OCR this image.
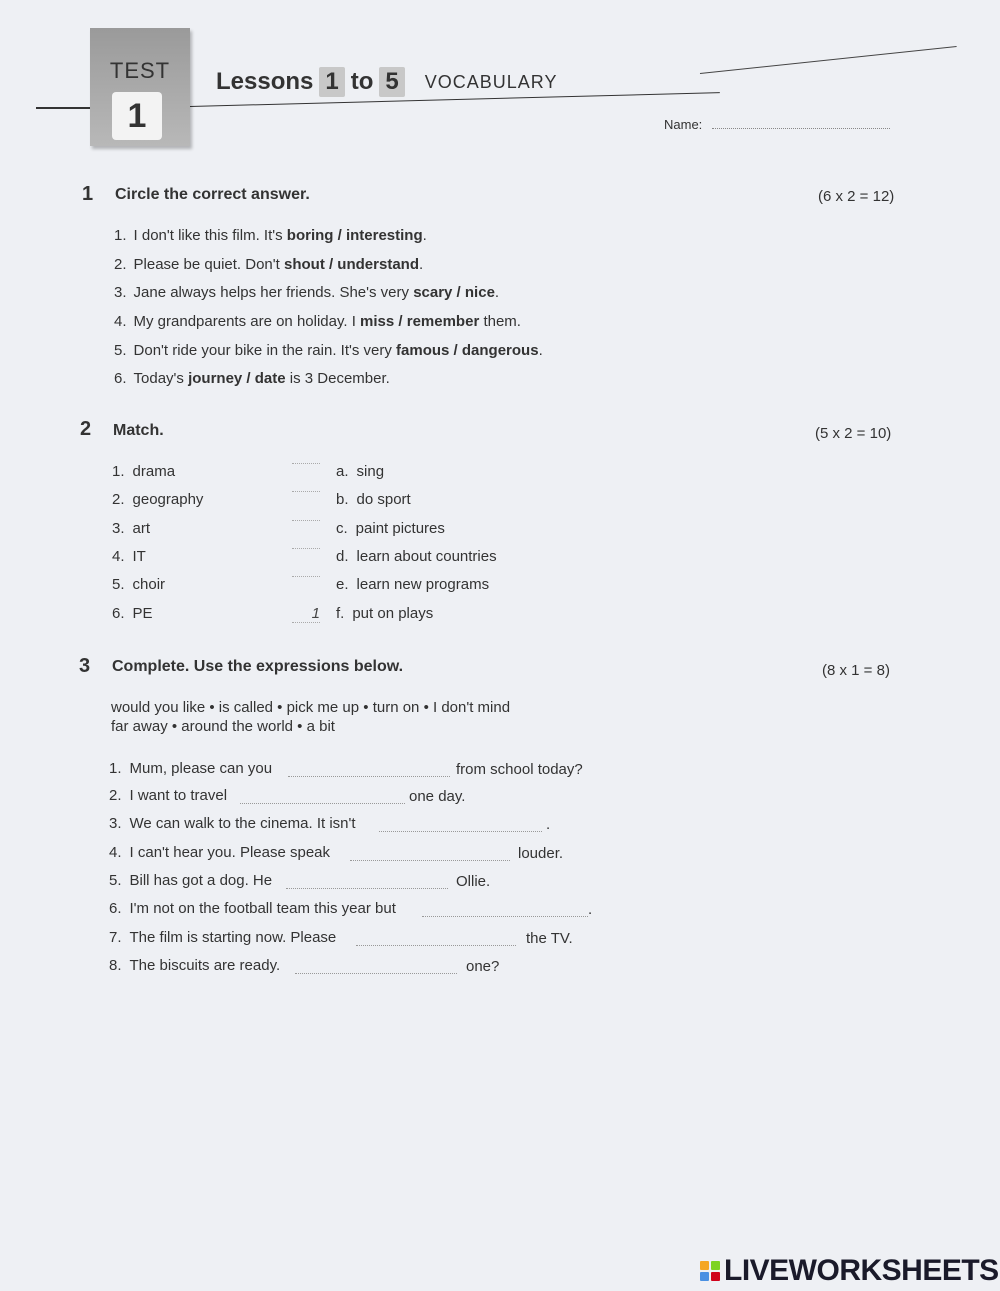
TEST
1
Lessons 1 to 5	VOCABULARY
Name:
1 Circle the correct answer.	(6 x 2 = 12)
1. I don't like this film. It's boring / interesting.
2. Please be quiet. Don't shout / understand.
3. Jane always helps her friends. She's very scary / nice.
4. My grandparents are on holiday. I miss / remember them.
5. Don't ride your bike in the rain. It's very famous / dangerous.
6. Today's journey / date is 3 December.
2 Match.	(5 x 2 = 10)
1. drama	a. sing
2. geography	b. do sport
3. art	c. paint pictures
4. IT	d. learn about countries
5. choir	e. learn new programs
6. PE	1 f. put on plays
3 Complete. Use the expressions below.	(8 x 1 = 8)
would you like • is called • pick me up • turn on • I don't mind
far away • around the world • a bit
1. Mum, please can you	from school today?
2. I want to travel	one day.
3. We can walk to the cinema. It isn't	.
4. I can't hear you. Please speak	louder.
5. Bill has got a dog. He	Ollie.
6. I'm not on the football team this year but	.
7. The film is starting now. Please	the TV.
8. The biscuits are ready.	one?
LIVEWORKSHEETS
